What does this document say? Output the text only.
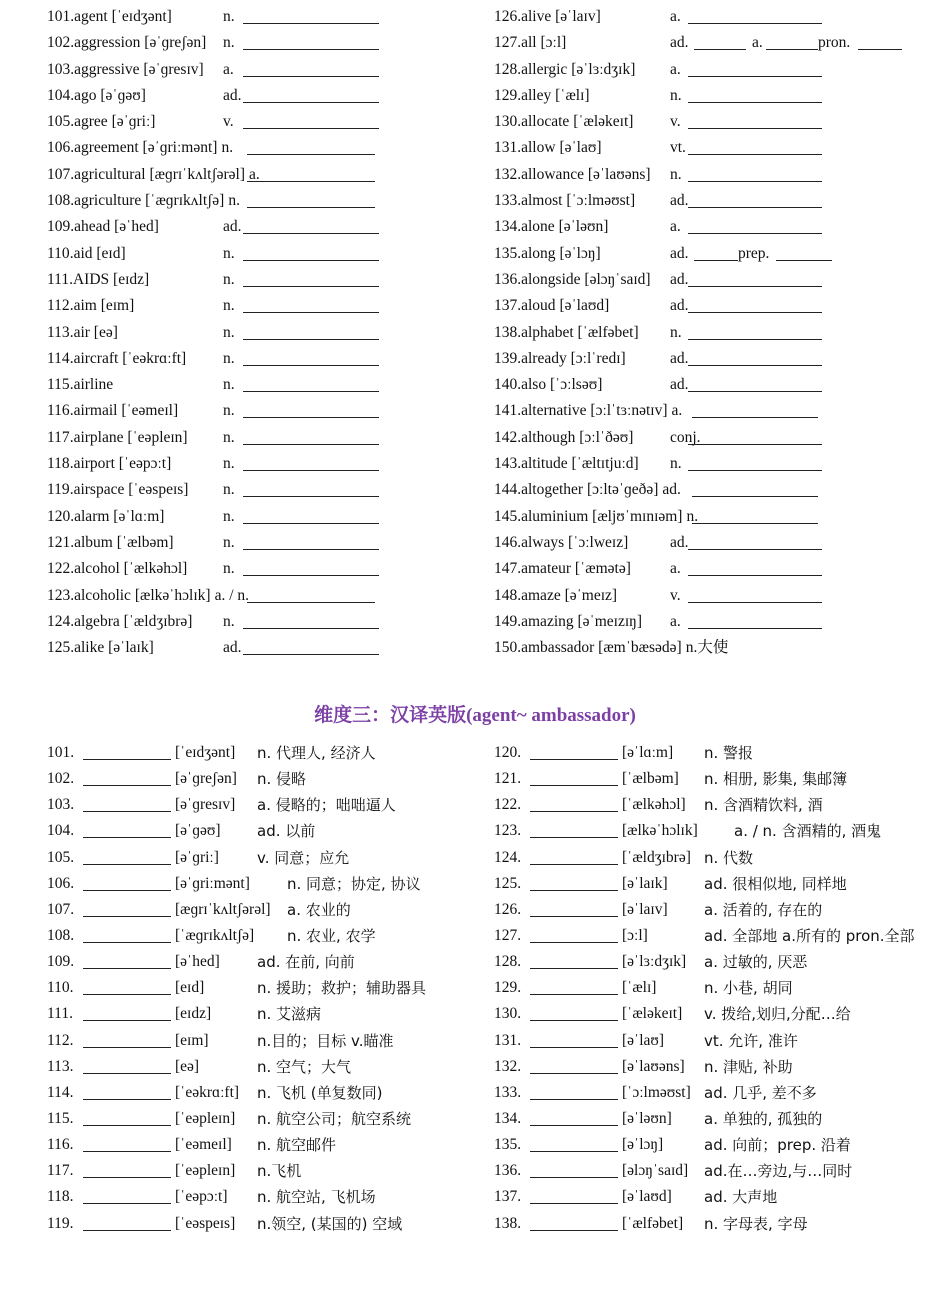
101.agent [ˈeɪdʒənt]	n.
102.aggression [əˈɡreʃən] n.
103.aggressive [əˈɡresɪv] a.
104.ago [əˈɡəʊ]	ad.
105.agree [əˈɡriː]	v.
106.agreement [əˈɡriːmənt] n.
107.agricultural [æɡrɪˈkʌltʃərəl] a.
108.agriculture [ˈæɡrɪkʌltʃə] n.
109.ahead [əˈhed]	ad.
110.aid [eɪd]	n.
111.AIDS [eɪdz]	n.
112.aim [eɪm]	n.
113.air [eə]	n.
114.aircraft [ˈeəkrɑːft] n.
115.airline	n.
116.airmail [ˈeəmeɪl]	n.
117.airplane [ˈeəpleɪn] n.
118.airport [ˈeəpɔːt]	n.
119.airspace [ˈeəspeɪs] n.
120.alarm [əˈlɑːm]	n.
121.album [ˈælbəm]	n.
122.alcohol [ˈælkəhɔl] n.
123.alcoholic [ælkəˈhɔlɪk] a. / n.
124.algebra [ˈældʒɪbrə] n.
125.alike [əˈlaɪk]	ad.
126.alive [əˈlaɪv]	a.
127.all [ɔːl]	ad.	a.	pron.
128.allergic [əˈlɜːdʒɪk] a.
129.alley [ˈælɪ]	n.
130.allocate [ˈæləkeɪt] v.
131.allow [əˈlaʊ]	vt.
132.allowance [əˈlaʊəns] n.
133.almost [ˈɔːlməʊst] ad.
134.alone [əˈləʊn]	a.
135.along [əˈlɔŋ]	ad.	prep.
136.alongside [əlɔŋˈsaɪd] ad.
137.aloud [əˈlaʊd]	ad.
138.alphabet [ˈælfəbet] n.
139.already [ɔːlˈredɪ]	ad.
140.also [ˈɔːlsəʊ]	ad.
141.alternative [ɔːlˈtɜːnətɪv] a.
142.although [ɔːlˈðəʊ] conj.
143.altitude [ˈæltɪtjuːd] n.
144.altogether [ɔːltəˈɡeðə] ad.
145.aluminium [æljʊˈmɪnɪəm] n.
146.always [ˈɔːlweɪz]	ad.
147.amateur [ˈæmətə]	a.
148.amaze [əˈmeɪz]	v.
149.amazing [əˈmeɪzɪŋ] a.
150.ambassador [æmˈbæsədə] n.大使
维度三：汉译英版(agent~ ambassador)
101.	[ˈeɪdʒənt] n. 代理人, 经济人
102.	[əˈɡreʃən] n. 侵略
103.	[əˈɡresɪv] a. 侵略的；咄咄逼人
104.	[əˈɡəʊ] ad. 以前
105.	[əˈɡriː]	v. 同意；应允
106.	[əˈɡriːmənt] n. 同意；协定, 协议
107.	[æɡrɪˈkʌltʃərəl] a. 农业的
108.	[ˈæɡrɪkʌltʃə] n. 农业, 农学
109.	[əˈhed] ad. 在前, 向前
110.	[eɪd]	n. 援助；救护；辅助器具
111.	[eɪdz]	n. 艾滋病
112.	[eɪm]	n.目的；目标 v.瞄准
113.	[eə]	n. 空气；大气
114.	[ˈeəkrɑːft] n. 飞机 (单复数同)
115.	[ˈeəpleɪn] n. 航空公司；航空系统
116.	[ˈeəmeɪl] n. 航空邮件
117.	[ˈeəpleɪn] n.飞机
118.	[ˈeəpɔːt] n. 航空站, 飞机场
119.	[ˈeəspeɪs] n.领空, (某国的) 空域
120.	[əˈlɑːm] n. 警报
121.	[ˈælbəm] n. 相册, 影集, 集邮簿
122.	[ˈælkəhɔl] n. 含酒精饮料, 酒
123.	[ælkəˈhɔlɪk] a. / n. 含酒精的, 酒鬼
124.	[ˈældʒɪbrə] n. 代数
125.	[əˈlaɪk] ad. 很相似地, 同样地
126.	[əˈlaɪv] a. 活着的, 存在的
127.	[ɔːl]	ad. 全部地 a.所有的 pron.全部
128.	[əˈlɜːdʒɪk] a. 过敏的, 厌恶
129.	[ˈælɪ]	n. 小巷, 胡同
130.	[ˈæləkeɪt] v. 拨给,划归,分配…给
131.	[əˈlaʊ]	vt. 允许, 准许
132.	[əˈlaʊəns] n. 津贴, 补助
133.	[ˈɔːlməʊst] ad. 几乎, 差不多
134.	[əˈləʊn] a. 单独的, 孤独的
135.	[əˈlɔŋ]	ad. 向前；prep. 沿着
136.	[əlɔŋˈsaɪd] ad.在…旁边,与…同时
137.	[əˈlaʊd] ad. 大声地
138.	[ˈælfəbet] n. 字母表, 字母
